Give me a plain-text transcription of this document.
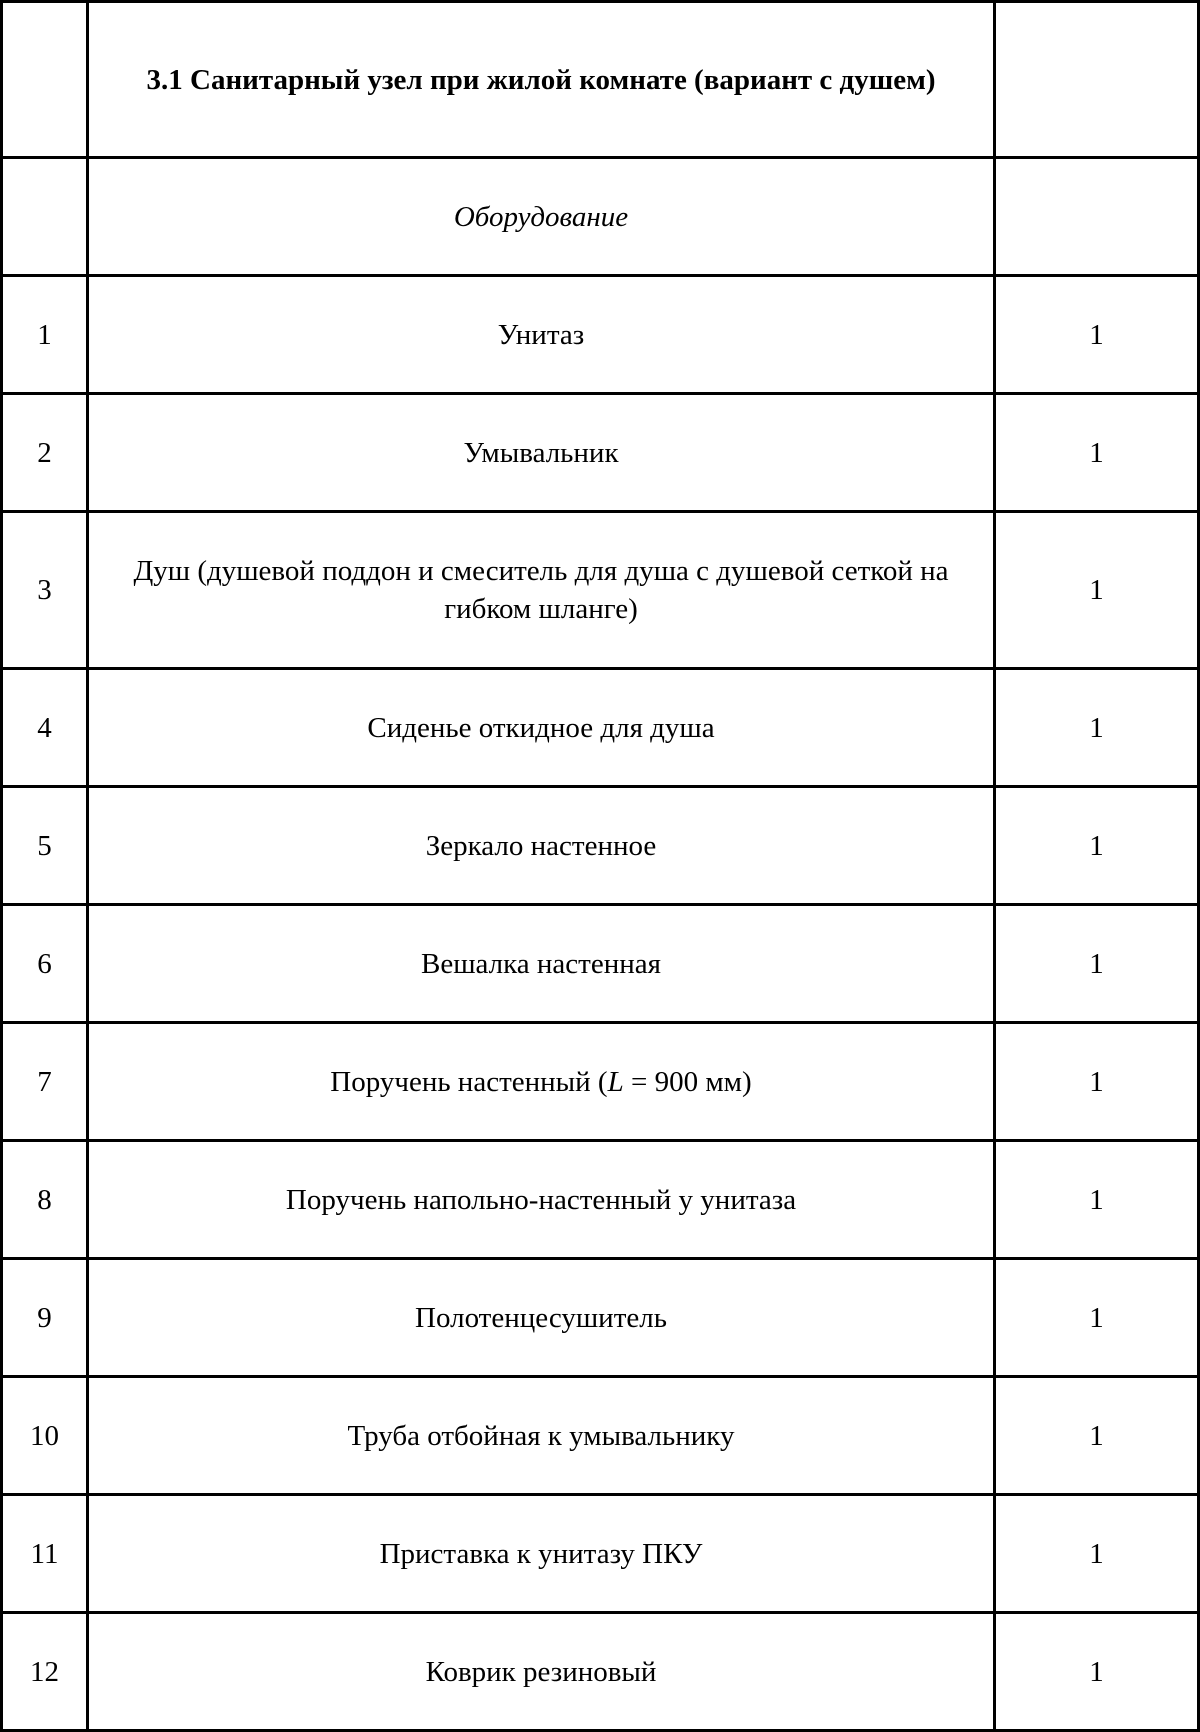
	3.1 Санитарный узел при жилой комнате (вариант с душем)	
	Оборудование	
1	Унитаз	1
2	Умывальник	1
3	Душ (душевой поддон и смеситель для душа с душевой сеткой на гибком шланге)	1
4	Сиденье откидное для душа	1
5	Зеркало настенное	1
6	Вешалка настенная	1
7	Поручень настенный (L = 900 мм)	1
8	Поручень напольно-настенный у унитаза	1
9	Полотенцесушитель	1
10	Труба отбойная к умывальнику	1
11	Приставка к унитазу ПКУ	1
12	Коврик резиновый	1
